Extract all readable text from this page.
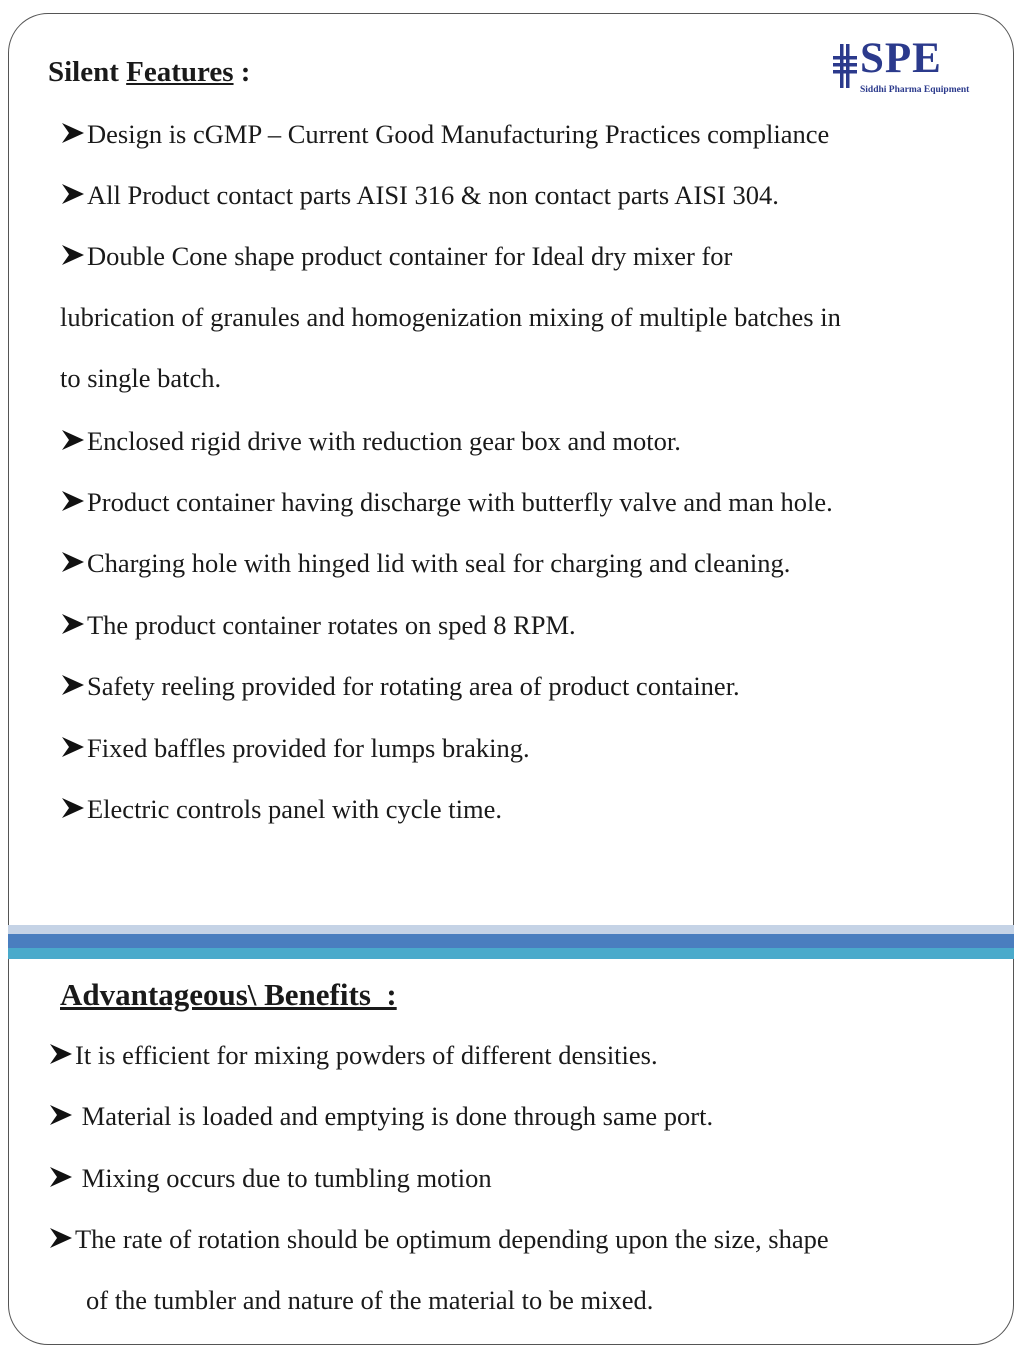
Silent Features :	SPE
Siddhi Pharma Equipment
Design is cGMP – Current Good Manufacturing Practices compliance
All Product contact parts AISI 316 & non contact parts AISI 304.
Double Cone shape product container for Ideal dry mixer for
lubrication of granules and homogenization mixing of multiple batches in
to single batch.
Enclosed rigid drive with reduction gear box and motor.
Product container having discharge with butterfly valve and man hole.
Charging hole with hinged lid with seal for charging and cleaning.
The product container rotates on sped 8 RPM.
Safety reeling provided for rotating area of product container.
Fixed baffles provided for lumps braking.
Electric controls panel with cycle time.
Advantageous\ Benefits  :
It is efficient for mixing powders of different densities.
Material is loaded and emptying is done through same port.
Mixing occurs due to tumbling motion
The rate of rotation should be optimum depending upon the size, shape
of the tumbler and nature of the material to be mixed.
